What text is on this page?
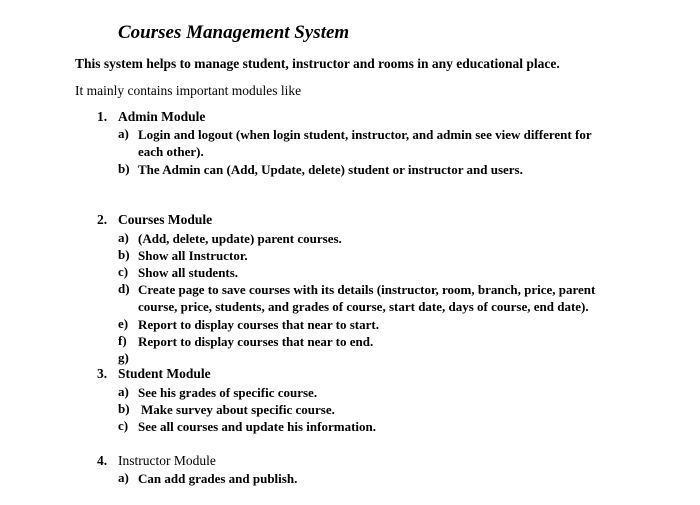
Courses Management System
This system helps to manage student, instructor and rooms in any educational place.
It mainly contains important modules like
1. Admin Module
a) Login and logout (when login student, instructor, and admin see view different for each other).
b) The Admin can (Add, Update, delete) student or instructor and users.
2. Courses Module
a) (Add, delete, update) parent courses.
b) Show all Instructor.
c) Show all students.
d) Create page to save courses with its details (instructor, room, branch, price, parent course, price, students, and grades of course, start date, days of course, end date).
e) Report to display courses that near to start.
f) Report to display courses that near to end.
g)
3. Student Module
a) See his grades of specific course.
b) Make survey about specific course.
c) See all courses and update his information.
4. Instructor Module
a) Can add grades and publish.
